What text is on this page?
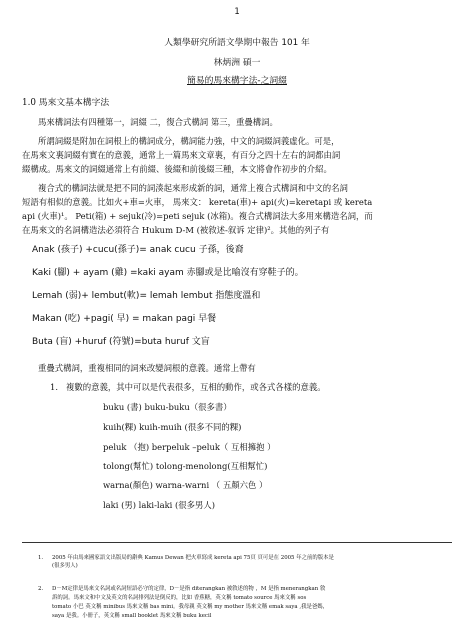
1
人類學研究所語文學期中報告 101 年
林炳洲 碩一
簡易的馬來構字法-之詞綴
1.0 馬來文基本構字法
馬來構詞法有四種第一，詞綴 二，復合式構詞 第三，重疊構詞。
所謂詞綴是附加在詞根上的構詞成分，構詞能力強，中文的詞綴詞義虛化。可是，
在馬來文裏詞綴有實在的意義，通常上一篇馬來文章裏，有百分之四十左右的詞都由詞
綴構成。馬來文的詞綴通常上有前綴、後綴和前後綴三種，本文將會作初步的介紹。
複合式的構詞法就是把不同的詞湊起來形成新的詞，通常上複合式構詞和中文的名詞
短語有相似的意義。比如火+車=火車， 馬來文： kereta(車)+ api(火)=keretapi 或 kereta
api (火車)¹。 Peti(箱) + sejuk(冷)=peti sejuk (冰箱)。複合式構詞法大多用來構造名詞，而
在馬來文的名詞構造法必須符合 Hukum D-M (被敘述-叙诉 定律)²。其他的列子有
Anak (孩子) +cucu(孫子)= anak cucu 子孫，後裔
Kaki (腳) + ayam (雞) =kaki ayam 赤腳或是比喻沒有穿鞋子的。
Lemah (弱)+ lembut(軟)= lemah lembut 指態度溫和
Makan (吃) +pagi( 早) = makan pagi 早餐
Buta (盲) +huruf (符號)=buta huruf 文盲
重疊式構詞，重複相同的詞來改變詞根的意義。通常上帶有
1. 複數的意義，其中可以是代表很多，互相的動作，或各式各樣的意義。
buku (書) buku-buku（很多書）
kuih(粿) kuih-muih (很多不同的粿)
peluk （抱) berpeluk –peluk（ 互相擁抱 ）
tolong(幫忙) tolong-menolong(互相幫忙)
warna(顏色) warna-warni （ 五顏六色 ）
laki (男) laki-laki (很多男人)
1. 2005 年由馬來國家語文出版局的辭典 Kamus Dewan 把火車寫成 kereta api 75頁 頁可是在 2005 年之前的版本是
(很多男人)
2. D－M定律是馬來文名詞或名詞短語必守的定律，D－是指 diterangkan 被敘述的物 ，M 是指 menerangkan 敘
訴的詞。馬來文和中文及英文的名詞排列法是倒反的，比如 香蕉糖，英文稱 tomato source 馬來文稱 sos
tomato 小巴 英文稱 minibus 馬來文稱 bas mini。我母親 英文稱 my mother 馬來文稱 emak saya ,我是爸媽，
saya 是我。小冊子，英文稱 small booklet 馬來文稱 buku kecil
